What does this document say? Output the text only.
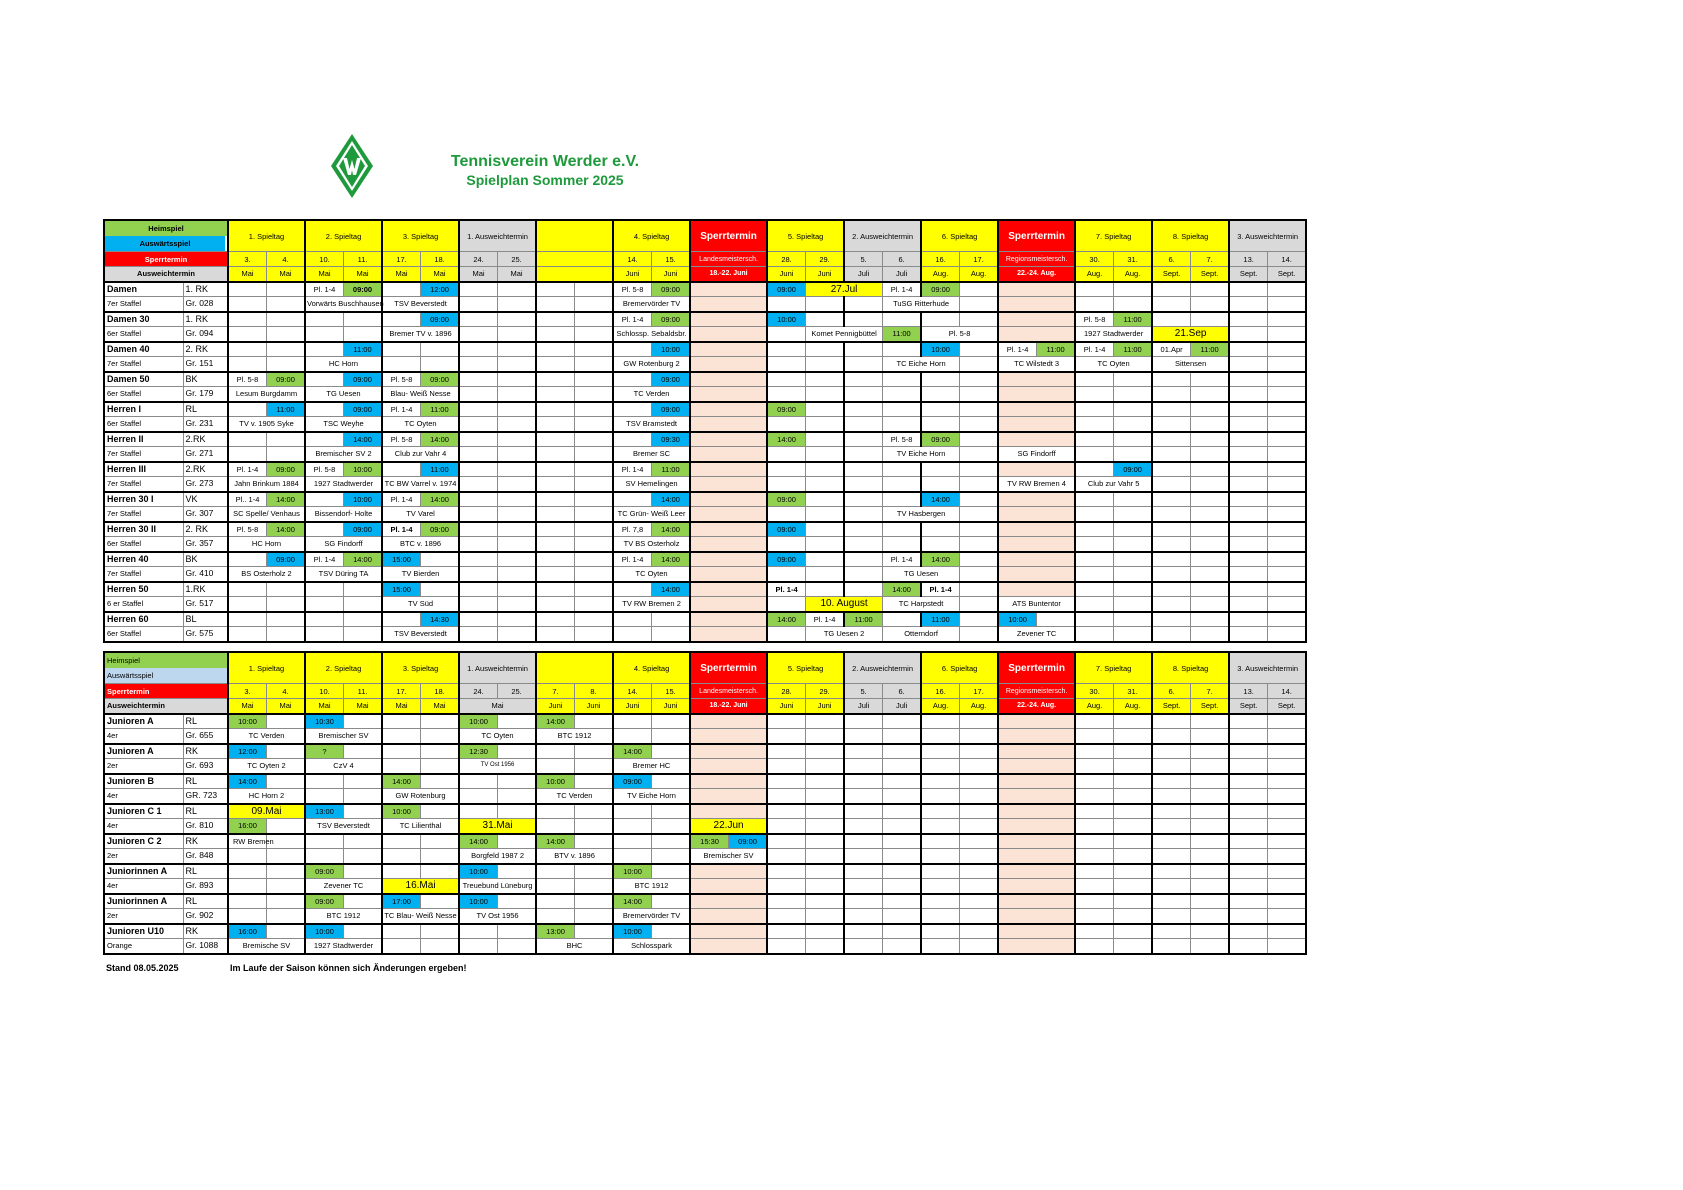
Tennisverein Werder e.V.
Spielplan Sommer 2025
Heimspiel
Auswärtsspiel		1. Spieltag		2. Spieltag		3. Spieltag		1. Ausweichtermin				4. Spieltag		Sperrtermin	5. Spieltag		2. Ausweichtermin		6. Spieltag		Sperrtermin		7. Spieltag		8. Spieltag		3. Ausweichtermin	
Sperrtermin		3.	4.	10.	11.	17.	18.	24.	25.			14.	15.	Landesmeistersch.	28.	29.	5.	6.	16.	17.	Regionsmeistersch.		30.	31.	6.	7.	13.	14.
Ausweichtermin		Mai	Mai	Mai	Mai	Mai	Mai	Mai	Mai			Juni	Juni	18.-22. Juni	Juni	Juni	Juli	Juli	Aug.	Aug.	22.-24. Aug.		Aug.	Aug.	Sept.	Sept.	Sept.	Sept.
Damen	1. RK			Pl. 1-4	09:00		12:00					Pl. 5-8	09:00		09:00	27.Jul		Pl. 1-4	09:00									
7er Staffel	Gr. 028			Vorwärts Buschhausen		TSV Beverstedt						Bremervörder TV						TuSG Ritterhude										
Damen 30	1. RK						09:00					Pl. 1-4	09:00		10:00								Pl. 5-8	11:00				
6er Staffel	Gr. 094					Bremer TV v. 1896						Schlossp. Sebaldsbr.				Komet Pennigbüttel		11:00	Pl. 5-8				1927 Stadtwerder		21.Sep			
Damen 40	2. RK				11:00								10:00						10:00		Pl. 1-4	11:00	Pl. 1-4	11:00	01.Apr	11:00		
7er Staffel	Gr. 151			HC Horn								GW Rotenburg 2						TC Eiche Horn			TC Wilstedt 3		TC Oyten		Sittensen			
Damen 50	BK	Pl. 5-8	09:00		09:00	Pl. 5-8	09:00						09:00															
6er Staffel	Gr. 179	Lesum Burgdamm		TG Uesen		Blau- Weiß Nesse						TC Verden																
Herren I	RL		11:00		09:00	Pl. 1-4	11:00						09:00		09:00													
6er Staffel	Gr. 231	TV v. 1905 Syke		TSC Weyhe		TC Oyten						TSV Bramstedt																
Herren II	2.RK				14:00	Pl. 5-8	14:00						09:30		14:00			Pl. 5-8	09:00									
7er Staffel	Gr. 271			Bremischer SV 2		Club zur Vahr 4						Bremer SC						TV Eiche Horn			SG Findorff							
Herren III	2.RK	Pl. 1-4	09:00	Pl. 5-8	10:00		11:00					Pl. 1-4	11:00											09:00				
7er Staffel	Gr. 273	Jahn Brinkum 1884		1927 Stadtwerder		TC BW Varrel v. 1974						SV Hemelingen									TV RW Bremen 4		Club zur Vahr 5					
Herren 30 I	VK	Pl.. 1-4	14:00		10:00	Pl. 1-4	14:00						14:00		09:00				14:00									
7er Staffel	Gr. 307	SC Spelle/ Venhaus		Bissendorf- Holte		TV Varel						TC Grün- Weiß Leer						TV Hasbergen										
Herren 30 II	2. RK	Pl. 5-8	14:00		09:00	Pl. 1-4	09:00					Pl. 7,8	14:00		09:00													
6er Staffel	Gr. 357	HC Horn		SG Findorff		BTC v. 1896						TV BS Osterholz																
Herren 40	BK		09:00	Pl. 1-4	14:00	15:00						Pl. 1-4	14:00		09:00			Pl. 1-4	14:00									
7er Staffel	Gr. 410	BS Osterholz 2		TSV Düring TA		TV Bierden						TC Oyten						TG Uesen										
Herren 50	1.RK					15:00							14:00		Pl. 1-4			14:00	Pl. 1-4									
6 er Staffel	Gr. 517					TV Süd						TV RW Bremen 2				10. August		TC Harpstedt			ATS Buntentor							
Herren 60	BL						14:30								14:00	Pl. 1-4	11:00		11:00		10:00							
6er Staffel	Gr. 575					TSV Beverstedt										TG Uesen 2		Otterndorf			Zevener TC							
Heimspiel
Auswärtsspiel		1. Spieltag		2. Spieltag		3. Spieltag		1. Ausweichtermin				4. Spieltag		Sperrtermin		5. Spieltag		2. Ausweichtermin		6. Spieltag		Sperrtermin	7. Spieltag		8. Spieltag		3. Ausweichtermin	
Sperrtermin		3.	4.	10.	11.	17.	18.	24.	25.	7.	8.	14.	15.	Landesmeistersch.		28.	29.	5.	6.	16.	17.	Regionsmeistersch.	30.	31.	6.	7.	13.	14.
Ausweichtermin		Mai	Mai	Mai	Mai	Mai	Mai	Mai		Juni	Juni	Juni	Juni	18.-22. Juni		Juni	Juni	Juli	Juli	Aug.	Aug.	22.-24. Aug.	Aug.	Aug.	Sept.	Sept.	Sept.	Sept.
Junioren A	RL	10:00		10:30				10:00		14:00																		
4er	Gr. 655	TC Verden		Bremischer SV				TC Oyten		BTC 1912																		
Junioren A	RK	12:00		?				12:30				14:00																
2er	Gr. 693	TC Oyten 2		CzV 4				TV Ost 1956				Bremer HC																
Junioren B	RL	14:00				14:00				10:00		09:00																
4er	GR. 723	HC Horn 2				GW Rotenburg				TC Verden		TV Eiche Horn																
Junioren C 1	RL	09.Mai		13:00		10:00																						
4er	Gr. 810	16:00		TSV Beverstedt		TC Lilienthal		31.Mai						22.Jun														
Junioren C 2	RK	RW Bremen						14:00		14:00				15:30	09:00													
2er	Gr. 848							Borgfeld 1987 2		BTV v. 1896				Bremischer SV														
Juniorinnen A	RL			09:00				10:00				10:00																
4er	Gr. 893			Zevener TC		16.Mai		Treuebund Lüneburg				BTC 1912																
Juniorinnen A	RL			09:00		17:00		10:00				14:00																
2er	Gr. 902			BTC 1912		TC Blau- Weiß Nesse		TV Ost 1956				Bremervörder TV																
Junioren U10	RK	16:00		10:00						13:00		10:00																
Orange	Gr. 1088	Bremische SV		1927 Stadtwerder						BHC		Schlosspark																
Stand 08.05.2025	Im Laufe der Saison können sich Änderungen ergeben!
